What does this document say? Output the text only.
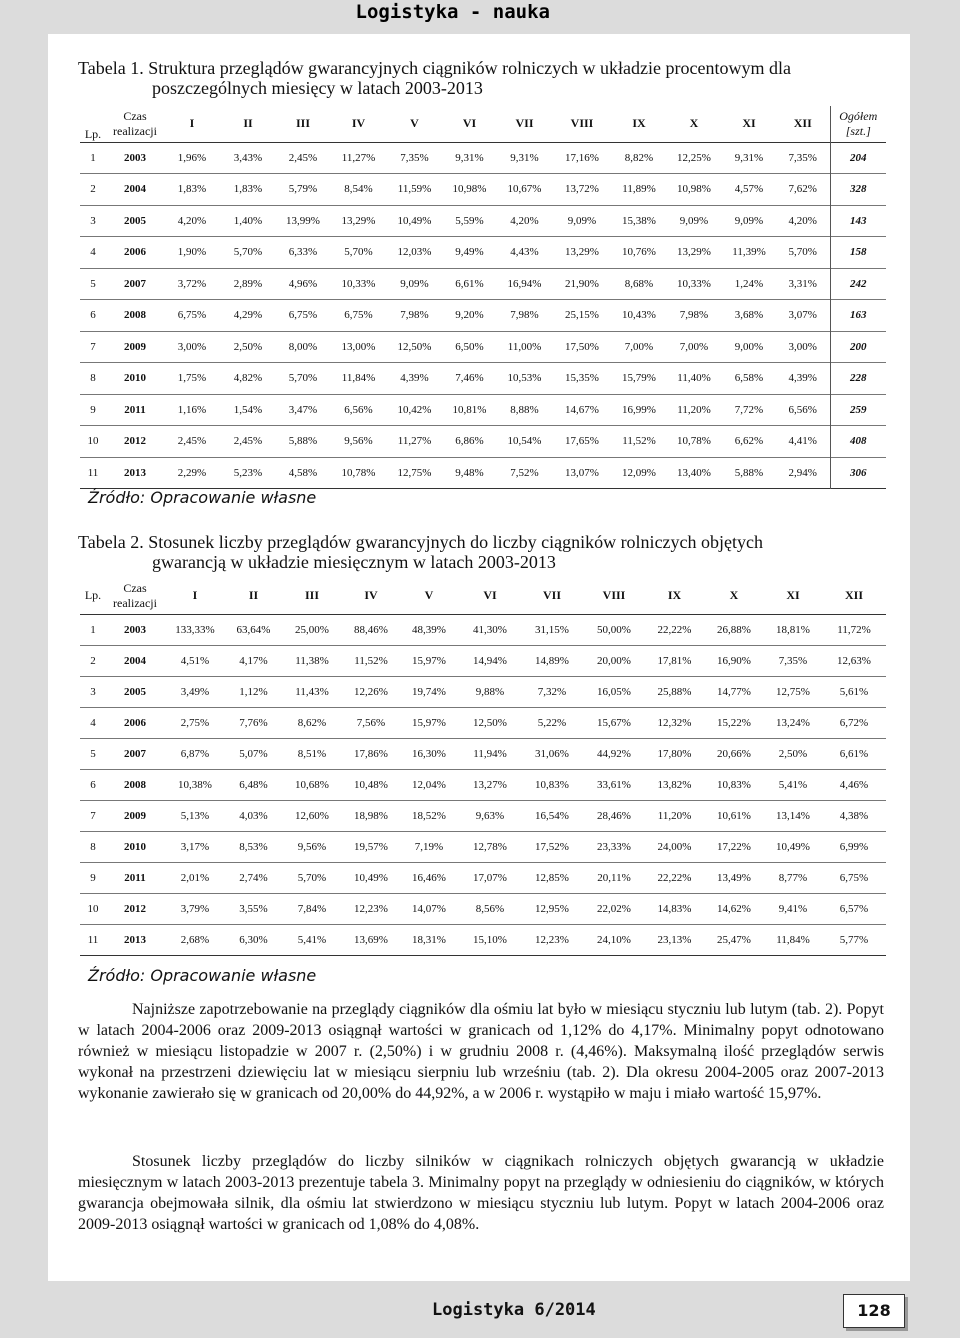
Logistyka - nauka
Tabela 1. Struktura przeglądów gwarancyjnych ciągników rolniczych w układzie procentowym dla
poszczególnych miesięcy w latach 2003-2013
Lp.	Czas
realizacji	I	II	III	IV	V	VI	VII	VIII	IX	X	XI	XII	Ogółem
[szt.]
1	2003	1,96%	3,43%	2,45%	11,27%	7,35%	9,31%	9,31%	17,16%	8,82%	12,25%	9,31%	7,35%	204
2	2004	1,83%	1,83%	5,79%	8,54%	11,59%	10,98%	10,67%	13,72%	11,89%	10,98%	4,57%	7,62%	328
3	2005	4,20%	1,40%	13,99%	13,29%	10,49%	5,59%	4,20%	9,09%	15,38%	9,09%	9,09%	4,20%	143
4	2006	1,90%	5,70%	6,33%	5,70%	12,03%	9,49%	4,43%	13,29%	10,76%	13,29%	11,39%	5,70%	158
5	2007	3,72%	2,89%	4,96%	10,33%	9,09%	6,61%	16,94%	21,90%	8,68%	10,33%	1,24%	3,31%	242
6	2008	6,75%	4,29%	6,75%	6,75%	7,98%	9,20%	7,98%	25,15%	10,43%	7,98%	3,68%	3,07%	163
7	2009	3,00%	2,50%	8,00%	13,00%	12,50%	6,50%	11,00%	17,50%	7,00%	7,00%	9,00%	3,00%	200
8	2010	1,75%	4,82%	5,70%	11,84%	4,39%	7,46%	10,53%	15,35%	15,79%	11,40%	6,58%	4,39%	228
9	2011	1,16%	1,54%	3,47%	6,56%	10,42%	10,81%	8,88%	14,67%	16,99%	11,20%	7,72%	6,56%	259
10	2012	2,45%	2,45%	5,88%	9,56%	11,27%	6,86%	10,54%	17,65%	11,52%	10,78%	6,62%	4,41%	408
11	2013	2,29%	5,23%	4,58%	10,78%	12,75%	9,48%	7,52%	13,07%	12,09%	13,40%	5,88%	2,94%	306
Źródło: Opracowanie własne
Tabela 2. Stosunek liczby przeglądów gwarancyjnych do liczby ciągników rolniczych objętych
gwarancją w układzie miesięcznym w latach 2003-2013
Lp.	Czas
realizacji	I	II	III	IV	V	VI	VII	VIII	IX	X	XI	XII
1	2003	133,33%	63,64%	25,00%	88,46%	48,39%	41,30%	31,15%	50,00%	22,22%	26,88%	18,81%	11,72%
2	2004	4,51%	4,17%	11,38%	11,52%	15,97%	14,94%	14,89%	20,00%	17,81%	16,90%	7,35%	12,63%
3	2005	3,49%	1,12%	11,43%	12,26%	19,74%	9,88%	7,32%	16,05%	25,88%	14,77%	12,75%	5,61%
4	2006	2,75%	7,76%	8,62%	7,56%	15,97%	12,50%	5,22%	15,67%	12,32%	15,22%	13,24%	6,72%
5	2007	6,87%	5,07%	8,51%	17,86%	16,30%	11,94%	31,06%	44,92%	17,80%	20,66%	2,50%	6,61%
6	2008	10,38%	6,48%	10,68%	10,48%	12,04%	13,27%	10,83%	33,61%	13,82%	10,83%	5,41%	4,46%
7	2009	5,13%	4,03%	12,60%	18,98%	18,52%	9,63%	16,54%	28,46%	11,20%	10,61%	13,14%	4,38%
8	2010	3,17%	8,53%	9,56%	19,57%	7,19%	12,78%	17,52%	23,33%	24,00%	17,22%	10,49%	6,99%
9	2011	2,01%	2,74%	5,70%	10,49%	16,46%	17,07%	12,85%	20,11%	22,22%	13,49%	8,77%	6,75%
10	2012	3,79%	3,55%	7,84%	12,23%	14,07%	8,56%	12,95%	22,02%	14,83%	14,62%	9,41%	6,57%
11	2013	2,68%	6,30%	5,41%	13,69%	18,31%	15,10%	12,23%	24,10%	23,13%	25,47%	11,84%	5,77%
Źródło: Opracowanie własne

Najniższe zapotrzebowanie na przeglądy ciągników dla ośmiu lat było w miesiącu styczniu lub lutym (tab. 2). Popyt w latach 2004-2006 oraz 2009-2013 osiągnął wartości w granicach od 1,12% do 4,17%. Minimalny popyt odnotowano również w miesiącu listopadzie w 2007 r. (2,50%) i w grudniu 2008 r. (4,46%). Maksymalną ilość przeglądów serwis wykonał na przestrzeni dziewięciu lat w miesiącu sierpniu lub wrześniu (tab. 2). Dla okresu 2004-2005 oraz 2007-2013 wykonanie zawierało się w granicach od 20,00% do 44,92%, a w 2006 r. wystąpiło w maju i miało wartość 15,97%.

Stosunek liczby przeglądów do liczby silników w ciągnikach rolniczych objętych gwarancją w układzie miesięcznym w latach 2003-2013 prezentuje tabela 3. Minimalny popyt na przeglądy w odniesieniu do ciągników, w których gwarancja obejmowała silnik, dla ośmiu lat stwierdzono w miesiącu styczniu lub lutym. Popyt w latach 2004-2006 oraz 2009-2013 osiągnął wartości w granicach od 1,08% do 4,08%.

Logistyka 6/2014	128
